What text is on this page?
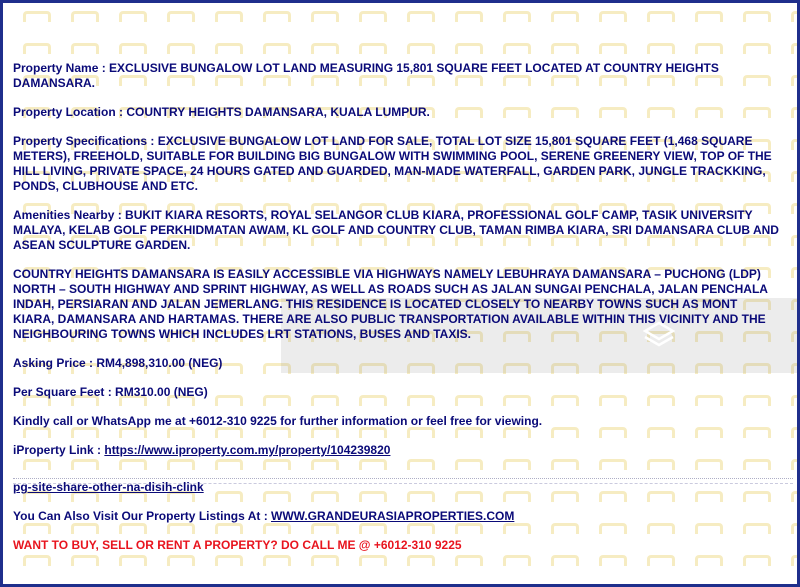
Property Name : EXCLUSIVE BUNGALOW LOT LAND MEASURING 15,801 SQUARE FEET LOCATED AT COUNTRY HEIGHTS DAMANSARA.

Property Location : COUNTRY HEIGHTS DAMANSARA, KUALA LUMPUR.

Property Specifications : EXCLUSIVE BUNGALOW LOT LAND FOR SALE, TOTAL LOT SIZE 15,801 SQUARE FEET (1,468 SQUARE METERS), FREEHOLD, SUITABLE FOR BUILDING BIG BUNGALOW WITH SWIMMING POOL, SERENE GREENERY VIEW, TOP OF THE HILL LIVING, PRIVATE SPACE, 24 HOURS GATED AND GUARDED, MAN-MADE WATERFALL, GARDEN PARK, JUNGLE TRACKKING, PONDS, CLUBHOUSE AND ETC.

Amenities Nearby : BUKIT KIARA RESORTS, ROYAL SELANGOR CLUB KIARA, PROFESSIONAL GOLF CAMP, TASIK UNIVERSITY MALAYA, KELAB GOLF PERKHIDMATAN AWAM, KL GOLF AND COUNTRY CLUB, TAMAN RIMBA KIARA, SRI DAMANSARA CLUB AND ASEAN SCULPTURE GARDEN.

COUNTRY HEIGHTS DAMANSARA IS EASILY ACCESSIBLE VIA HIGHWAYS NAMELY LEBUHRAYA DAMANSARA – PUCHONG (LDP) NORTH – SOUTH HIGHWAY AND SPRINT HIGHWAY, AS WELL AS ROADS SUCH AS JALAN SUNGAI PENCHALA, JALAN PENCHALA INDAH, PERSIARAN AND JALAN JEMERLANG. THIS RESIDENCE IS LOCATED CLOSELY TO NEARBY TOWNS SUCH AS MONT KIARA, DAMANSARA AND HARTAMAS. THERE ARE ALSO PUBLIC TRANSPORTATION AVAILABLE WITHIN THIS VICINITY AND THE NEIGHBOURING TOWNS WHICH INCLUDES LRT STATIONS, BUSES AND TAXIS.

Asking Price : RM4,898,310.00 (NEG)

Per Square Feet : RM310.00 (NEG)

Kindly call or WhatsApp me at +6012-310 9225 for further information or feel free for viewing.

iProperty Link : https://www.iproperty.com.my/property/104239820

pg-site-share-other-na-disih-clink

You Can Also Visit Our Property Listings At : WWW.GRANDEURASIAPROPERTIES.COM

WANT TO BUY, SELL OR RENT A PROPERTY? DO CALL ME @ +6012-310 9225
